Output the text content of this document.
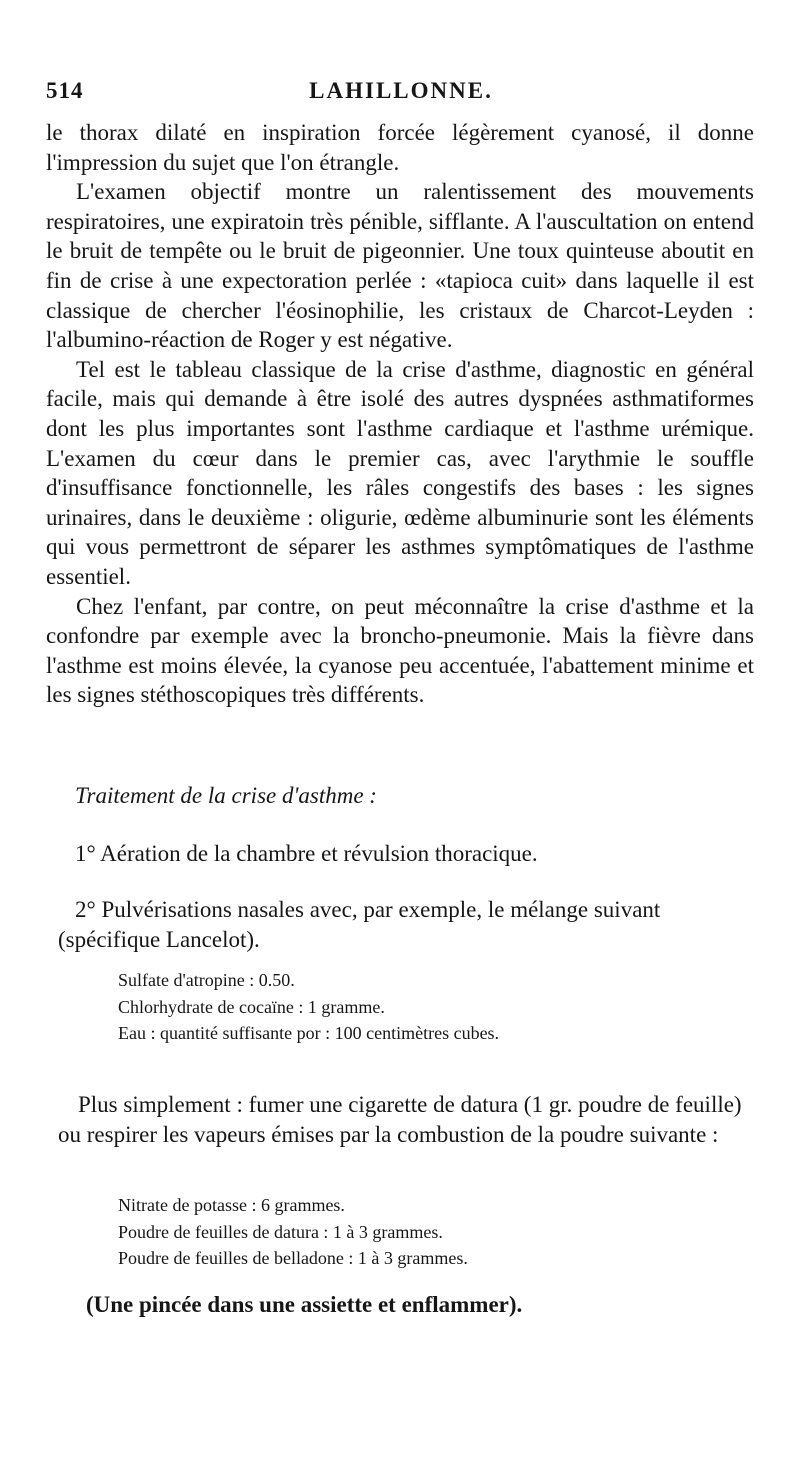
514	LAHILLONNE.

le thorax dilaté en inspiration forcée légèrement cyanosé, il donne l'impression du sujet que l'on étrangle.

L'examen objectif montre un ralentissement des mouvements respiratoires, une expiratoin très pénible, sifflante. A l'auscultation on entend le bruit de tempête ou le bruit de pigeonnier. Une toux quinteuse aboutit en fin de crise à une expectoration perlée : «tapioca cuit» dans laquelle il est classique de chercher l'éosinophilie, les cristaux de Charcot-Leyden : l'albumino-réaction de Roger y est négative.

Tel est le tableau classique de la crise d'asthme, diagnostic en général facile, mais qui demande à être isolé des autres dyspnées asthmatiformes dont les plus importantes sont l'asthme cardiaque et l'asthme urémique. L'examen du cœur dans le premier cas, avec l'arythmie le souffle d'insuffisance fonctionnelle, les râles congestifs des bases : les signes urinaires, dans le deuxième : oligurie, œdème albuminurie sont les éléments qui vous permettront de séparer les asthmes symptômatiques de l'asthme essentiel.

Chez l'enfant, par contre, on peut méconnaître la crise d'asthme et la confondre par exemple avec la broncho-pneumonie. Mais la fièvre dans l'asthme est moins élevée, la cyanose peu accentuée, l'abattement minime et les signes stéthoscopiques très différents.

Traitement de la crise d'asthme :

1° Aération de la chambre et révulsion thoracique.

2° Pulvérisations nasales avec, par exemple, le mélange suivant (spécifique Lancelot).

Sulfate d'atropine : 0.50.
Chlorhydrate de cocaïne : 1 gramme.
Eau : quantité suffisante por : 100 centimètres cubes.

Plus simplement : fumer une cigarette de datura (1 gr. poudre de feuille) ou respirer les vapeurs émises par la combustion de la poudre suivante :

Nitrate de potasse : 6 grammes.
Poudre de feuilles de datura : 1 à 3 grammes.
Poudre de feuilles de belladone : 1 à 3 grammes.
(Une pincée dans une assiette et enflammer).
